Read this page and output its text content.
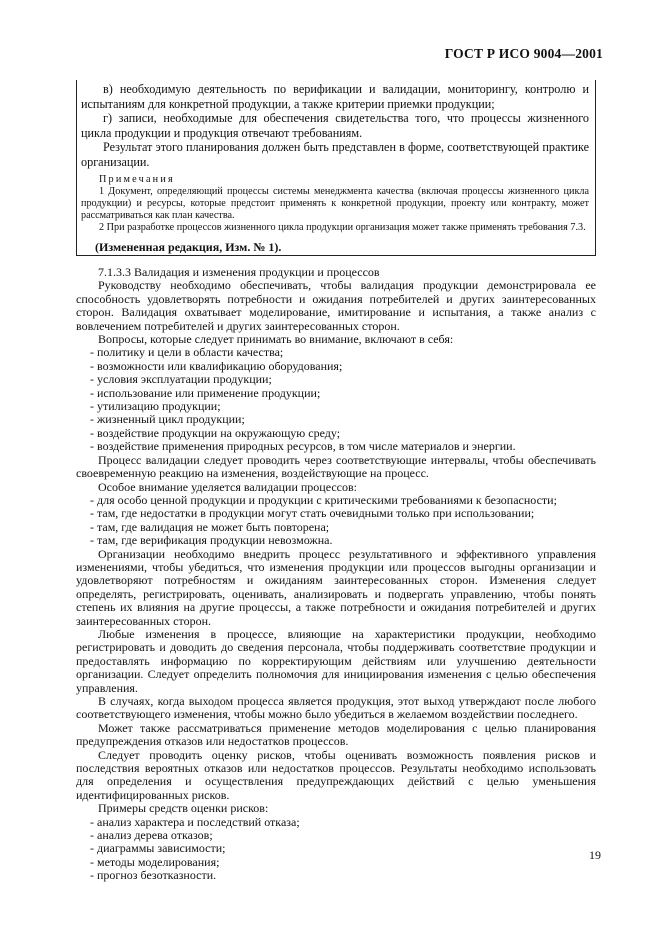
ГОСТ Р ИСО 9004—2001

в) необходимую деятельность по верификации и валидации, мониторингу, контролю и испытаниям для конкретной продукции, а также критерии приемки продукции;

г) записи, необходимые для обеспечения свидетельства того, что процессы жизненного цикла продукции и продукция отвечают требованиям.

Результат этого планирования должен быть представлен в форме, соответствующей практике организации.

Примечания

1 Документ, определяющий процессы системы менеджмента качества (включая процессы жизненного цикла продукции) и ресурсы, которые предстоит применять к конкретной продукции, проекту или контракту, может рассматриваться как план качества.

2 При разработке процессов жизненного цикла продукции организация может также применять требования 7.3.

(Измененная редакция, Изм. № 1).

7.1.3.3 Валидация и изменения продукции и процессов

Руководству необходимо обеспечивать, чтобы валидация продукции демонстрировала ее способность удовлетворять потребности и ожидания потребителей и других заинтересованных сторон. Валидация охватывает моделирование, имитирование и испытания, а также анализ с вовлечением потребителей и других заинтересованных сторон.

Вопросы, которые следует принимать во внимание, включают в себя:

- политику и цели в области качества;
- возможности или квалификацию оборудования;
- условия эксплуатации продукции;
- использование или применение продукции;
- утилизацию продукции;
- жизненный цикл продукции;
- воздействие продукции на окружающую среду;
- воздействие применения природных ресурсов, в том числе материалов и энергии.

Процесс валидации следует проводить через соответствующие интервалы, чтобы обеспечивать своевременную реакцию на изменения, воздействующие на процесс.

Особое внимание уделяется валидации процессов:

- для особо ценной продукции и продукции с критическими требованиями к безопасности;
- там, где недостатки в продукции могут стать очевидными только при использовании;
- там, где валидация не может быть повторена;
- там, где верификация продукции невозможна.

Организации необходимо внедрить процесс результативного и эффективного управления изменениями, чтобы убедиться, что изменения продукции или процессов выгодны организации и удовлетворяют потребностям и ожиданиям заинтересованных сторон. Изменения следует определять, регистрировать, оценивать, анализировать и подвергать управлению, чтобы понять степень их влияния на другие процессы, а также потребности и ожидания потребителей и других заинтересованных сторон.

Любые изменения в процессе, влияющие на характеристики продукции, необходимо регистрировать и доводить до сведения персонала, чтобы поддерживать соответствие продукции и предоставлять информацию по корректирующим действиям или улучшению деятельности организации. Следует определить полномочия для инициирования изменения с целью обеспечения управления.

В случаях, когда выходом процесса является продукция, этот выход утверждают после любого соответствующего изменения, чтобы можно было убедиться в желаемом воздействии последнего.

Может также рассматриваться применение методов моделирования с целью планирования предупреждения отказов или недостатков процессов.

Следует проводить оценку рисков, чтобы оценивать возможность появления рисков и последствия вероятных отказов или недостатков процессов. Результаты необходимо использовать для определения и осуществления предупреждающих действий с целью уменьшения идентифицированных рисков.

Примеры средств оценки рисков:

- анализ характера и последствий отказа;
- анализ дерева отказов;
- диаграммы зависимости;
- методы моделирования;
- прогноз безотказности.
19
